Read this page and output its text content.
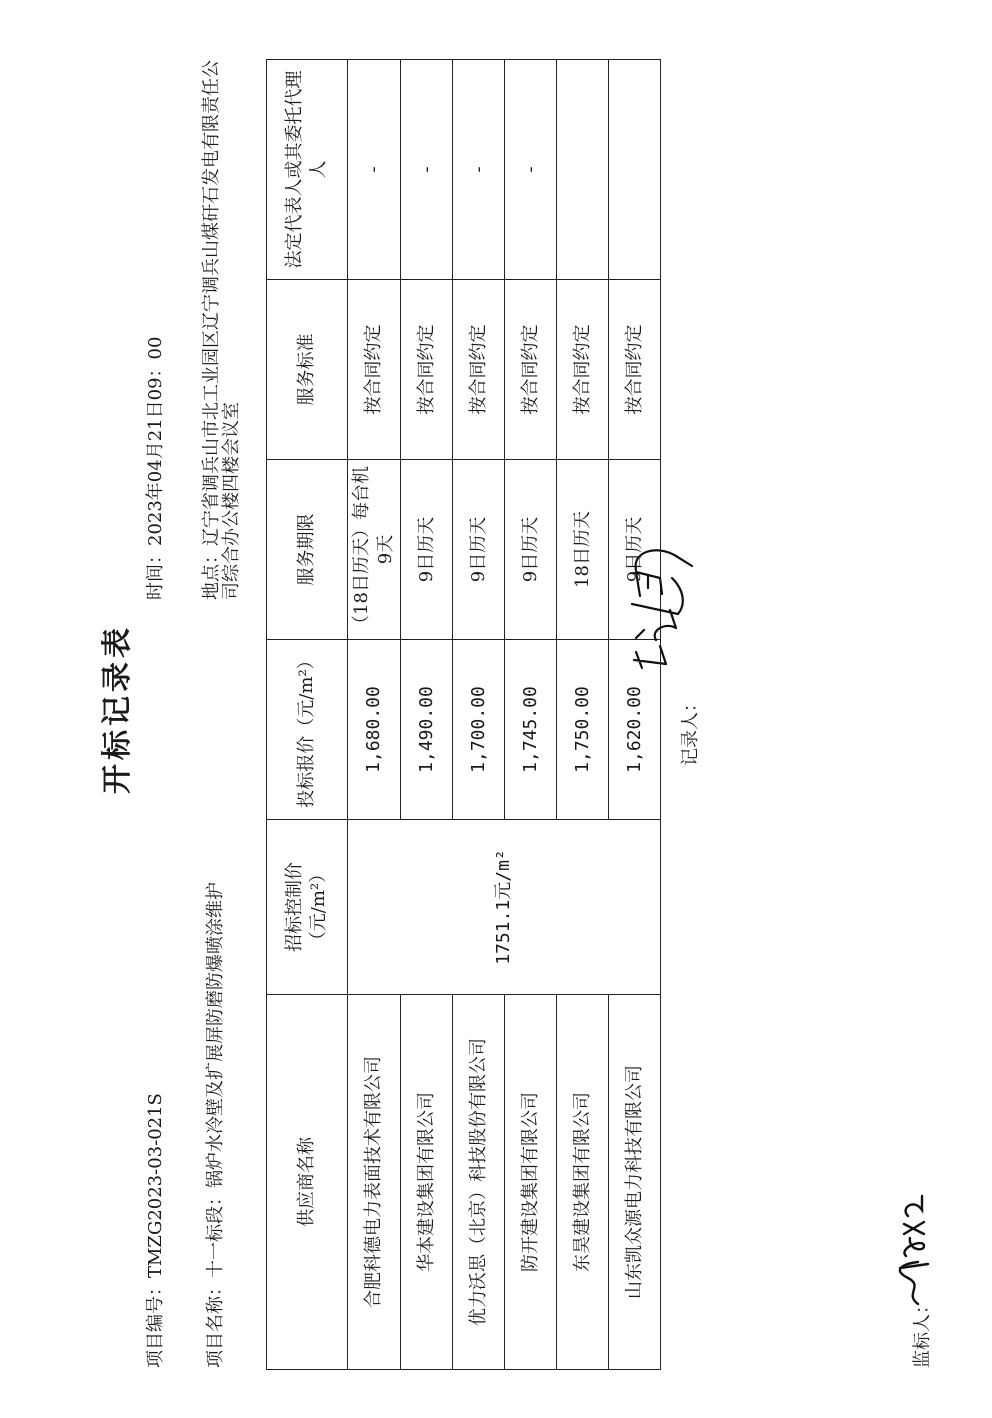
开标记录表
项目编号：TMZG2023-03-021S
时间：2023年04月21日09：00
项目名称：十一标段：锅炉水冷壁及扩展屏防磨防爆喷涂维护
地点：辽宁省调兵山市北工业园区辽宁调兵山煤矸石发电有限责任公司综合办公楼四楼会议室
供应商名称	招标控制价（元/m²）	投标报价（元/m²）	服务期限	服务标准	法定代表人或其委托代理人
合肥科德电力表面技术有限公司	1751.1元/m²	1,680.00	（18日历天）每台机9天	按合同约定	-
华本建设集团有限公司		1,490.00	9日历天	按合同约定	-
优力沃思（北京）科技股份有限公司		1,700.00	9日历天	按合同约定	-
防开建设集团有限公司		1,745.00	9日历天	按合同约定	-
东昊建设集团有限公司		1,750.00	18日历天	按合同约定	
山东凯众源电力科技有限公司		1,620.00	9日历天	按合同约定	
监标人：
记录人：
